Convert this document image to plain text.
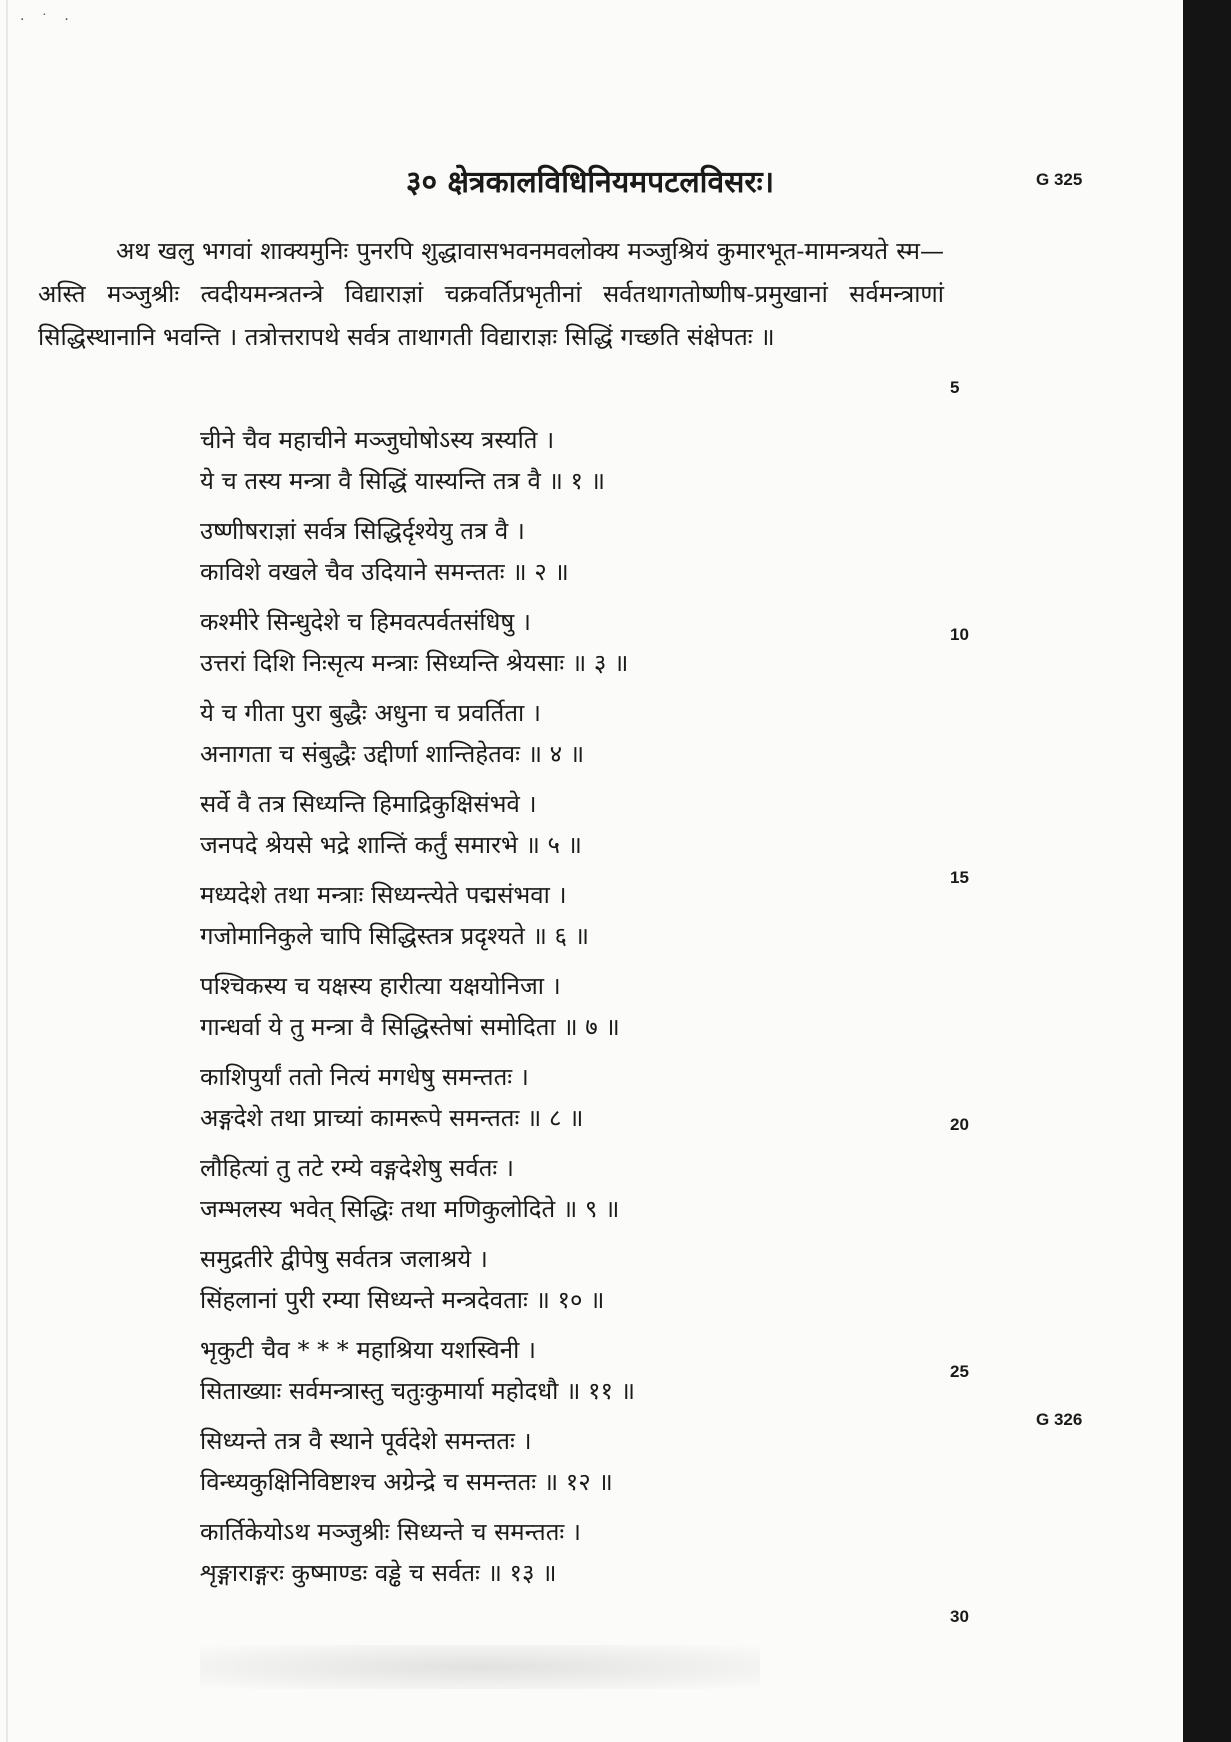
· ˙ ·
३० क्षेत्रकालविधिनियमपटलविसरः।	G 325
G 326

अथ खलु भगवां शाक्यमुनिः पुनरपि शुद्धावासभवनमवलोक्य मञ्जुश्रियं कुमारभूत-मामन्त्रयते स्म—अस्ति मञ्जुश्रीः त्वदीयमन्त्रतन्त्रे विद्याराज्ञां चक्रवर्तिप्रभृतीनां सर्वतथागतोष्णीष-प्रमुखानां सर्वमन्त्राणां सिद्धिस्थानानि भवन्ति । तत्रोत्तरापथे सर्वत्र ताथागती विद्याराज्ञः सिद्धिं गच्छति संक्षेपतः ॥

5
10
15
20
25
30
चीने चैव महाचीने मञ्जुघोषोऽस्य त्रस्यति ।
ये च तस्य मन्त्रा वै सिद्धिं यास्यन्ति तत्र वै ॥ १ ॥
उष्णीषराज्ञां सर्वत्र सिद्धिर्दृश्येयु तत्र वै ।
काविशे वखले चैव उदियाने समन्ततः ॥ २ ॥
कश्मीरे सिन्धुदेशे च हिमवत्पर्वतसंधिषु ।
उत्तरां दिशि निःसृत्य मन्त्राः सिध्यन्ति श्रेयसाः ॥ ३ ॥
ये च गीता पुरा बुद्धैः अधुना च प्रवर्तिता ।
अनागता च संबुद्धैः उद्दीर्णा शान्तिहेतवः ॥ ४ ॥
सर्वे वै तत्र सिध्यन्ति हिमाद्रिकुक्षिसंभवे ।
जनपदे श्रेयसे भद्रे शान्तिं कर्तुं समारभे ॥ ५ ॥
मध्यदेशे तथा मन्त्राः सिध्यन्त्येते पद्मसंभवा ।
गजोमानिकुले चापि सिद्धिस्तत्र प्रदृश्यते ॥ ६ ॥
पश्चिकस्य च यक्षस्य हारीत्या यक्षयोनिजा ।
गान्धर्वा ये तु मन्त्रा वै सिद्धिस्तेषां समोदिता ॥ ७ ॥
काशिपुर्यां ततो नित्यं मगधेषु समन्ततः ।
अङ्गदेशे तथा प्राच्यां कामरूपे समन्ततः ॥ ८ ॥
लौहित्यां तु तटे रम्ये वङ्गदेशेषु सर्वतः ।
जम्भलस्य भवेत् सिद्धिः तथा मणिकुलोदिते ॥ ९ ॥
समुद्रतीरे द्वीपेषु सर्वतत्र जलाश्रये ।
सिंहलानां पुरी रम्या सिध्यन्ते मन्त्रदेवताः ॥ १० ॥
भृकुटी चैव * * * महाश्रिया यशस्विनी ।
सिताख्याः सर्वमन्त्रास्तु चतुःकुमार्या महोदधौ ॥ ११ ॥
सिध्यन्ते तत्र वै स्थाने पूर्वदेशे समन्ततः ।
विन्ध्यकुक्षिनिविष्टाश्च अग्रेन्द्रे च समन्ततः ॥ १२ ॥
कार्तिकेयोऽथ मञ्जुश्रीः सिध्यन्ते च समन्ततः ।
शृङ्गाराङ्गरः कुष्माण्डः वड्ढे च सर्वतः ॥ १३ ॥
